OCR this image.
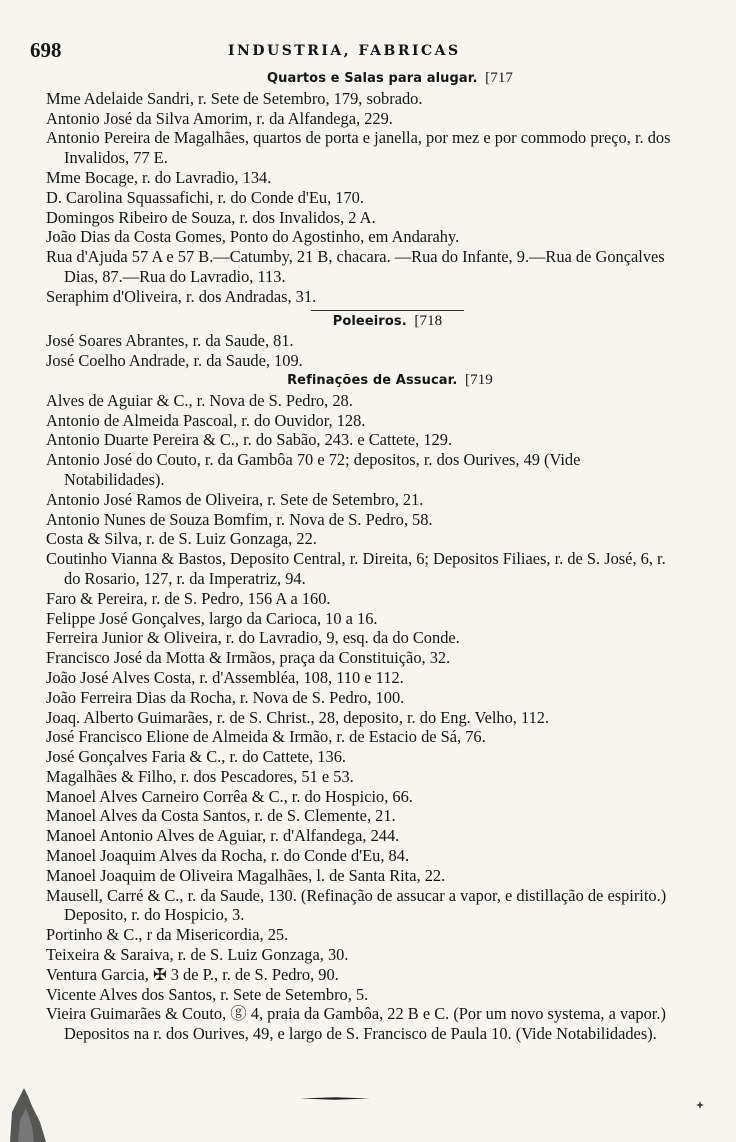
698	INDUSTRIA, FABRICAS
Quartos e Salas para alugar. [717
Mme Adelaide Sandri, r. Sete de Setembro, 179, sobrado.
Antonio José da Silva Amorim, r. da Alfandega, 229.
Antonio Pereira de Magalhães, quartos de porta e janella, por mez e por commodo preço, r. dos Invalidos, 77 E.
Mme Bocage, r. do Lavradio, 134.
D. Carolina Squassafichi, r. do Conde d'Eu, 170.
Domingos Ribeiro de Souza, r. dos Invalidos, 2 A.
João Dias da Costa Gomes, Ponto do Agostinho, em Andarahy.
Rua d'Ajuda 57 A e 57 B.—Catumby, 21 B, chacara. —Rua do Infante, 9.—Rua de Gonçalves Dias, 87.—Rua do Lavradio, 113.
Seraphim d'Oliveira, r. dos Andradas, 31.
Poleeiros. [718
José Soares Abrantes, r. da Saude, 81.
José Coelho Andrade, r. da Saude, 109.
Refinações de Assucar. [719
Alves de Aguiar & C., r. Nova de S. Pedro, 28.
Antonio de Almeida Pascoal, r. do Ouvidor, 128.
Antonio Duarte Pereira & C., r. do Sabão, 243. e Cattete, 129.
Antonio José do Couto, r. da Gambôa 70 e 72; depositos, r. dos Ourives, 49 (Vide Notabilidades).
Antonio José Ramos de Oliveira, r. Sete de Setembro, 21.
Antonio Nunes de Souza Bomfim, r. Nova de S. Pedro, 58.
Costa & Silva, r. de S. Luiz Gonzaga, 22.
Coutinho Vianna & Bastos, Deposito Central, r. Direita, 6; Depositos Filiaes, r. de S. José, 6, r. do Rosario, 127, r. da Imperatriz, 94.
Faro & Pereira, r. de S. Pedro, 156 A a 160.
Felippe José Gonçalves, largo da Carioca, 10 a 16.
Ferreira Junior & Oliveira, r. do Lavradio, 9, esq. da do Conde.
Francisco José da Motta & Irmãos, praça da Constituição, 32.
João José Alves Costa, r. d'Assembléa, 108, 110 e 112.
João Ferreira Dias da Rocha, r. Nova de S. Pedro, 100.
Joaq. Alberto Guimarães, r. de S. Christ., 28, deposito, r. do Eng. Velho, 112.
José Francisco Elione de Almeida & Irmão, r. de Estacio de Sá, 76.
José Gonçalves Faria & C., r. do Cattete, 136.
Magalhães & Filho, r. dos Pescadores, 51 e 53.
Manoel Alves Carneiro Corrêa & C., r. do Hospicio, 66.
Manoel Alves da Costa Santos, r. de S. Clemente, 21.
Manoel Antonio Alves de Aguiar, r. d'Alfandega, 244.
Manoel Joaquim Alves da Rocha, r. do Conde d'Eu, 84.
Manoel Joaquim de Oliveira Magalhães, l. de Santa Rita, 22.
Mausell, Carré & C., r. da Saude, 130. (Refinação de assucar a vapor, e distillação de espirito.) Deposito, r. do Hospicio, 3.
Portinho & C., r da Misericordia, 25.
Teixeira & Saraiva, r. de S. Luiz Gonzaga, 30.
Ventura Garcia, ✠ 3 de P., r. de S. Pedro, 90.
Vicente Alves dos Santos, r. Sete de Setembro, 5.
Vieira Guimarães & Couto, ⓖ 4, praia da Gambôa, 22 B e C. (Por um novo systema, a vapor.) Depositos na r. dos Ourives, 49, e largo de S. Francisco de Paula 10. (Vide Notabilidades).
